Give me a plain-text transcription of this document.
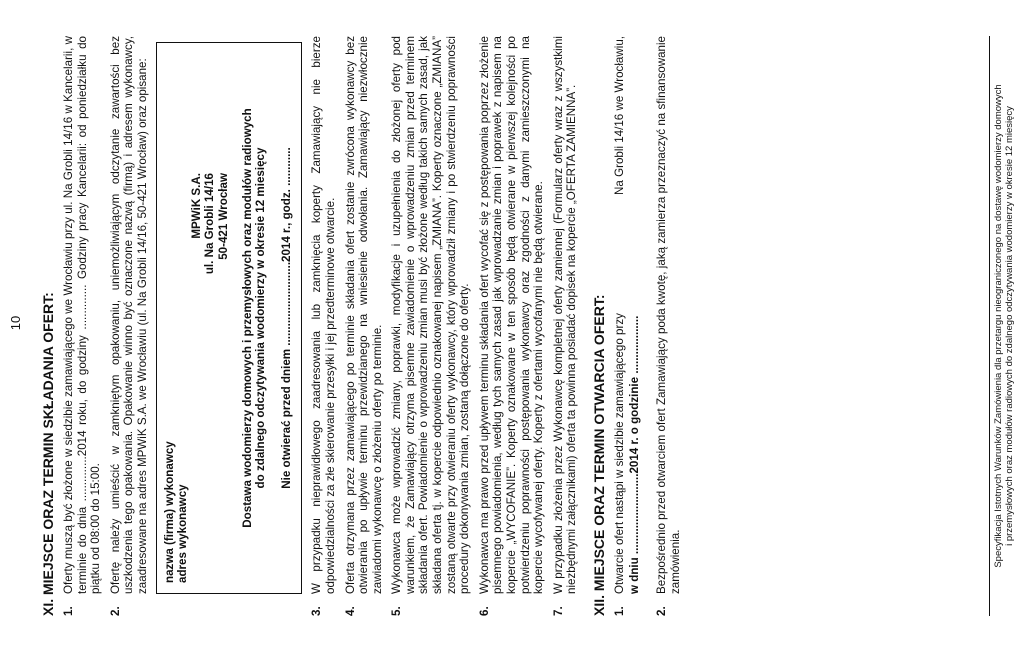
10 XI. MIEJSCE ORAZ TERMIN SKŁADANIA OFERT: 1.
Oferty muszą być złożone w siedzibie zamawiającego we Wrocławiu przy ul. Na Grobli 14/16 w Kancelarii, w terminie do dnia ..............2014 roku, do godziny .............. Godziny pracy Kancelarii: od poniedziałku do piątku od 08:00 do 15:00.
2.
Ofertę należy umieścić w zamkniętym opakowaniu, uniemożliwiającym odczytanie zawartości bez uszkodzenia tego opakowania. Opakowanie winno być oznaczone nazwą (firmą) i adresem wykonawcy, zaadresowane na adres MPWiK S.A. we Wrocławiu (ul. Na Grobli 14/16, 50-421 Wrocław) oraz opisane: nazwa (firma) wykonawcy adres wykonawcy
MPWiK S.A. ul. Na Grobli 14/16 50-421 Wrocław Dostawa wodomierzy domowych i przemysłowych oraz modułów radiowych do zdalnego odczytywania wodomierzy w okresie 12 miesięcy Nie otwierać przed dniem ..........................2014 r., godz. ............
3.
W przypadku nieprawidłowego zaadresowania lub zamknięcia koperty Zamawiający nie bierze odpowiedzialności za złe skierowanie przesyłki i jej przedterminowe otwarcie.
4.
Oferta otrzymana przez zamawiającego po terminie składania ofert zostanie zwrócona wykonawcy bez otwierania po upływie terminu przewidzianego na wniesienie odwołania. Zamawiający niezwłocznie zawiadomi wykonawcę o złożeniu oferty po terminie.
5.
Wykonawca może wprowadzić zmiany, poprawki, modyfikacje i uzupełnienia do złożonej oferty pod warunkiem, że Zamawiający otrzyma pisemne zawiadomienie o wprowadzeniu zmian przed terminem składania ofert. Powiadomienie o wprowadzeniu zmian musi być złożone według takich samych zasad, jak składana oferta tj. w kopercie odpowiednio oznakowanej napisem „ZMIANA”. Koperty oznaczone „ZMIANA” zostaną otwarte przy otwieraniu oferty wykonawcy, który wprowadził zmiany i po stwierdzeniu poprawności procedury dokonywania zmian, zostaną dołączone do oferty.
6.
Wykonawca ma prawo przed upływem terminu składania ofert wycofać się z postępowania poprzez złożenie pisemnego powiadomienia, według tych samych zasad jak wprowadzanie zmian i poprawek z napisem na kopercie „WYCOFANIE”. Koperty oznakowane w ten sposób będą otwierane w pierwszej kolejności po potwierdzeniu poprawności postępowania wykonawcy oraz zgodności z danymi zamieszczonymi na kopercie wycofywanej oferty. Koperty z ofertami wycofanymi nie będą otwierane.
7.
W przypadku złożenia przez Wykonawcę kompletnej oferty zamiennej (Formularz oferty wraz z wszystkimi niezbędnymi załącznikami) oferta ta powinna posiadać dopisek na kopercie „OFERTA ZAMIENNA”. XII. MIEJSCE ORAZ TERMIN OTWARCIA OFERT: 1.
Otwarcie ofert nastąpi w siedzibie zamawiającego przy
Na Grobli 14/16 we Wrocławiu,
w dniu .........................2014 r. o godzinie ..................
2.
Bezpośrednio przed otwarciem ofert Zamawiający poda kwotę, jaką zamierza przeznaczyć na sfinansowanie zamówienia.	Specyfikacja Istotnych Warunków Zamówienia dla przetargu nieograniczonego na dostawę wodomierzy domowych i przemysłowych oraz modułów radiowych do zdalnego odczytywania wodomierzy w okresie 12 miesięcy
